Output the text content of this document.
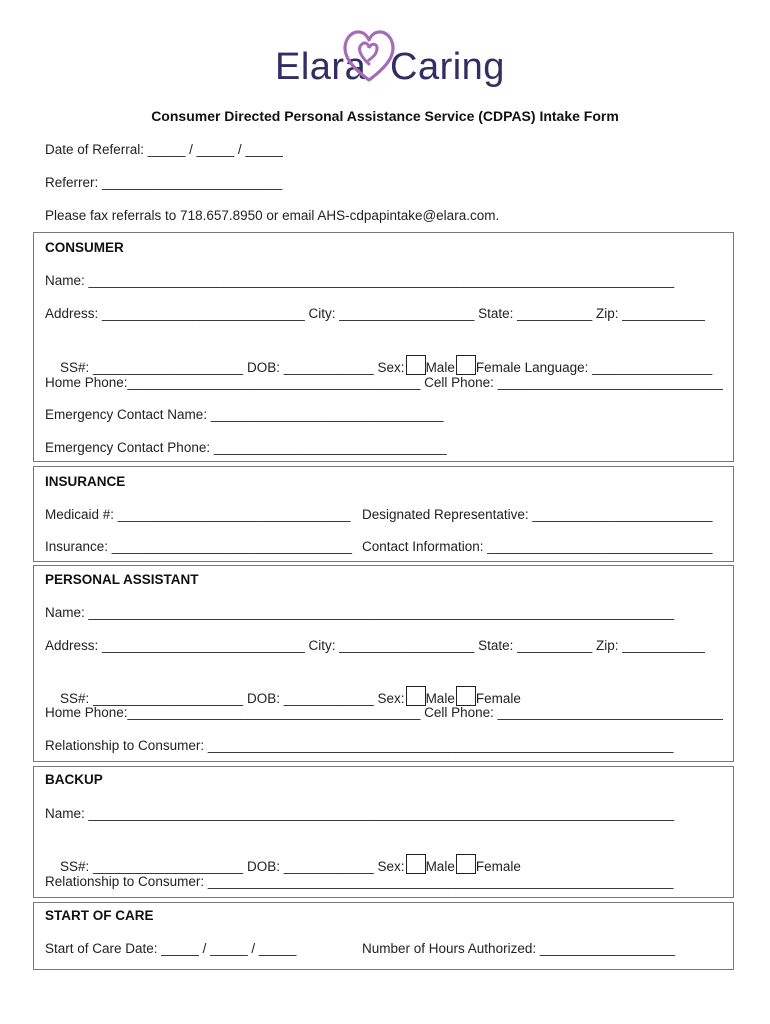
Elara Caring
Consumer Directed Personal Assistance Service (CDPAS) Intake Form
Date of Referral: _____ / _____ / _____
Referrer: ________________________
Please fax referrals to 718.657.8950 or email AHS-cdpapintake@elara.com.
CONSUMER
Name: ______________________________________________________________________________
Address: ___________________________ City: __________________ State: __________ Zip: ___________

SS#: ____________________ DOB: ____________ Sex: Male Female Language: ________________

Home Phone:_______________________________________ Cell Phone: ______________________________
Emergency Contact Name: _______________________________
Emergency Contact Phone: _______________________________
INSURANCE
Medicaid #: _______________________________ Designated Representative: ________________________
Insurance: ________________________________ Contact Information: ______________________________
PERSONAL ASSISTANT
Name: ______________________________________________________________________________
Address: ___________________________ City: __________________ State: __________ Zip: ___________

SS#: ____________________ DOB: ____________ Sex: Male Female

Home Phone:_______________________________________ Cell Phone: ______________________________
Relationship to Consumer: ______________________________________________________________
BACKUP
Name: ______________________________________________________________________________

SS#: ____________________ DOB: ____________ Sex: Male Female

Relationship to Consumer: ______________________________________________________________
START OF CARE
Start of Care Date: _____ / _____ / _____	Number of Hours Authorized: __________________
